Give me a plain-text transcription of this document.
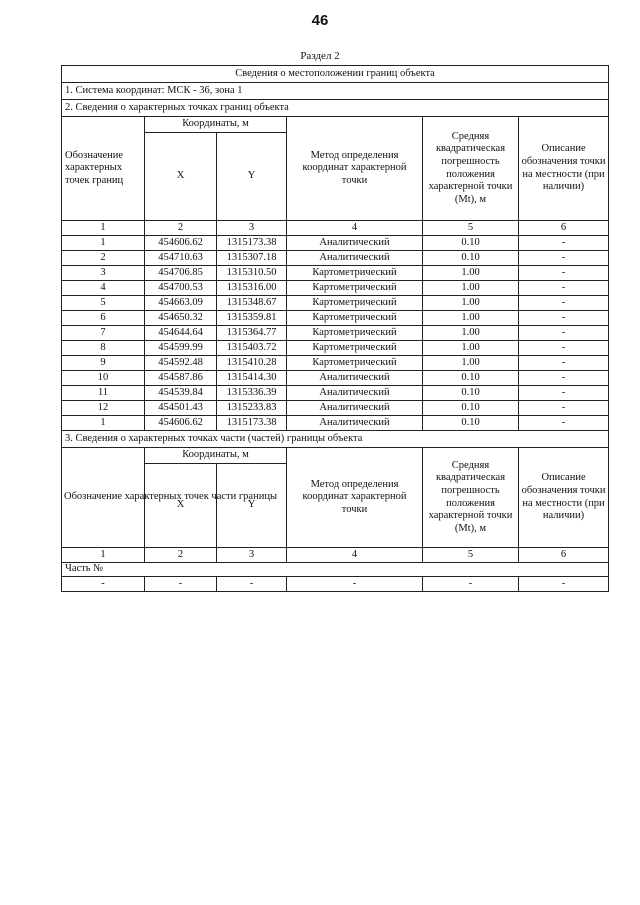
46
Раздел 2
Сведения о местоположении границ объекта					
1. Система координат: МСК - 36, зона 1					
2. Сведения о характерных точках границ объекта					
Обозначение характерных точек границ	Координаты, м		Метод определения координат характерной точки	Средняя квадратическая погрешность положения характерной точки (Mt), м	Описание обозначения точки на местности (при наличии)
	X	Y			
1	2	3	4	5	6
1	454606.62	1315173.38	Аналитический	0.10	-
2	454710.63	1315307.18	Аналитический	0.10	-
3	454706.85	1315310.50	Картометрический	1.00	-
4	454700.53	1315316.00	Картометрический	1.00	-
5	454663.09	1315348.67	Картометрический	1.00	-
6	454650.32	1315359.81	Картометрический	1.00	-
7	454644.64	1315364.77	Картометрический	1.00	-
8	454599.99	1315403.72	Картометрический	1.00	-
9	454592.48	1315410.28	Картометрический	1.00	-
10	454587.86	1315414.30	Аналитический	0.10	-
11	454539.84	1315336.39	Аналитический	0.10	-
12	454501.43	1315233.83	Аналитический	0.10	-
1	454606.62	1315173.38	Аналитический	0.10	-
3. Сведения о характерных точках части (частей) границы объекта					
Обозначение характерных точек части границы	Координаты, м		Метод определения координат характерной точки	Средняя квадратическая погрешность положения характерной точки (Mt), м	Описание обозначения точки на местности (при наличии)
	X	Y			
1	2	3	4	5	6
Часть №					
-	-	-	-	-	-
